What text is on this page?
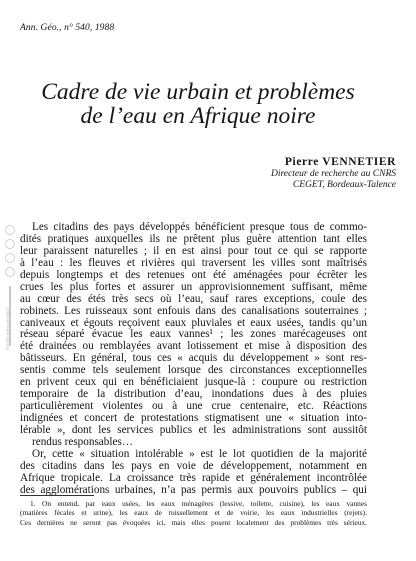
Ann. Géo., n° 540, 1988
Cadre de vie urbain et problèmes
de l’eau en Afrique noire
Pierre VENNETIER
Directeur de recherche au CNRS
CEGET, Bordeaux-Talence
Persée www.persee.fr
Les citadins des pays développés bénéficient presque tous de commo-
dités pratiques auxquelles ils ne prêtent plus guère attention tant elles
leur paraissent naturelles ; il en est ainsi pour tout ce qui se rapporte
à l’eau : les fleuves et rivières qui traversent les villes sont maîtrisés
depuis longtemps et des retenues ont été aménagées pour écrêter les
crues les plus fortes et assurer un approvisionnement suffisant, même
au cœur des étés très secs où l’eau, sauf rares exceptions, coule des
robinets. Les ruisseaux sont enfouis dans des canalisations souterraines ;
caniveaux et égouts reçoivent eaux pluviales et eaux usées, tandis qu’un
réseau séparé évacue les eaux vannes¹ ; les zones marécageuses ont
été drainées ou remblayées avant lotissement et mise à disposition des
bâtisseurs. En général, tous ces « acquis du développement » sont res-
sentis comme tels seulement lorsque des circonstances exceptionnelles
en privent ceux qui en bénéficiaient jusque-là : coupure ou restriction
temporaire de la distribution d’eau, inondations dues à des pluies
particulièrement violentes ou à une crue centenaire, etc. Réactions
indignées et concert de protestations stigmatisent une « situation into-
lérable », dont les services publics et les administrations sont aussitôt
rendus responsables…
Or, cette « situation intolérable » est le lot quotidien de la majorité
des citadins dans les pays en voie de développement, notamment en
Afrique tropicale. La croissance très rapide et généralement incontrôlée
des agglomérations urbaines, n’a pas permis aux pouvoirs publics – qui
1. On entend, par eaux usées, les eaux ménagères (lessive, toilette, cuisine), les eaux vannes
(matières fécales et urine), les eaux de ruissellement et de voirie, les eaux industrielles (rejets).
Ces dernières ne seront pas évoquées ici, mais elles posent localement des problèmes très sérieux.
